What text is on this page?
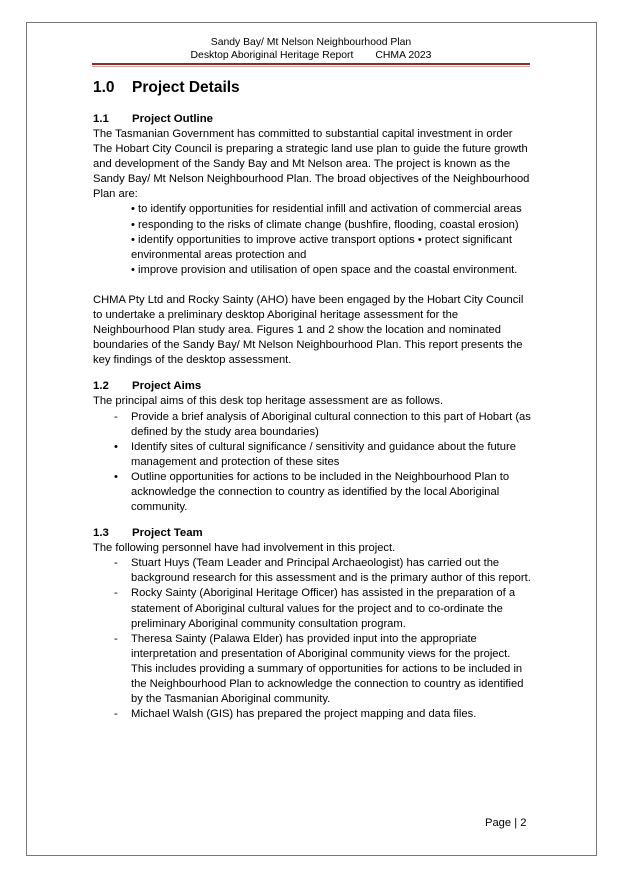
Sandy Bay/ Mt Nelson Neighbourhood Plan
Desktop Aboriginal Heritage Report CHMA 2023
1.0 Project Details
1.1 Project Outline

The Tasmanian Government has committed to substantial capital investment in order The Hobart City Council is preparing a strategic land use plan to guide the future growth and development of the Sandy Bay and Mt Nelson area. The project is known as the Sandy Bay/ Mt Nelson Neighbourhood Plan. The broad objectives of the Neighbourhood Plan are:

• to identify opportunities for residential infill and activation of commercial areas
• responding to the risks of climate change (bushfire, flooding, coastal erosion)
• identify opportunities to improve active transport options • protect significant environmental areas protection and
• improve provision and utilisation of open space and the coastal environment.

CHMA Pty Ltd and Rocky Sainty (AHO) have been engaged by the Hobart City Council to undertake a preliminary desktop Aboriginal heritage assessment for the Neighbourhood Plan study area. Figures 1 and 2 show the location and nominated boundaries of the Sandy Bay/ Mt Nelson Neighbourhood Plan. This report presents the key findings of the desktop assessment.

1.2 Project Aims

The principal aims of this desk top heritage assessment are as follows.

- Provide a brief analysis of Aboriginal cultural connection to this part of Hobart (as defined by the study area boundaries)
• Identify sites of cultural significance / sensitivity and guidance about the future management and protection of these sites
• Outline opportunities for actions to be included in the Neighbourhood Plan to acknowledge the connection to country as identified by the local Aboriginal community.
1.3 Project Team

The following personnel have had involvement in this project.

- Stuart Huys (Team Leader and Principal Archaeologist) has carried out the background research for this assessment and is the primary author of this report.
- Rocky Sainty (Aboriginal Heritage Officer) has assisted in the preparation of a statement of Aboriginal cultural values for the project and to co-ordinate the preliminary Aboriginal community consultation program.
- Theresa Sainty (Palawa Elder) has provided input into the appropriate interpretation and presentation of Aboriginal community views for the project. This includes providing a summary of opportunities for actions to be included in the Neighbourhood Plan to acknowledge the connection to country as identified by the Tasmanian Aboriginal community.
- Michael Walsh (GIS) has prepared the project mapping and data files.
Page | 2
